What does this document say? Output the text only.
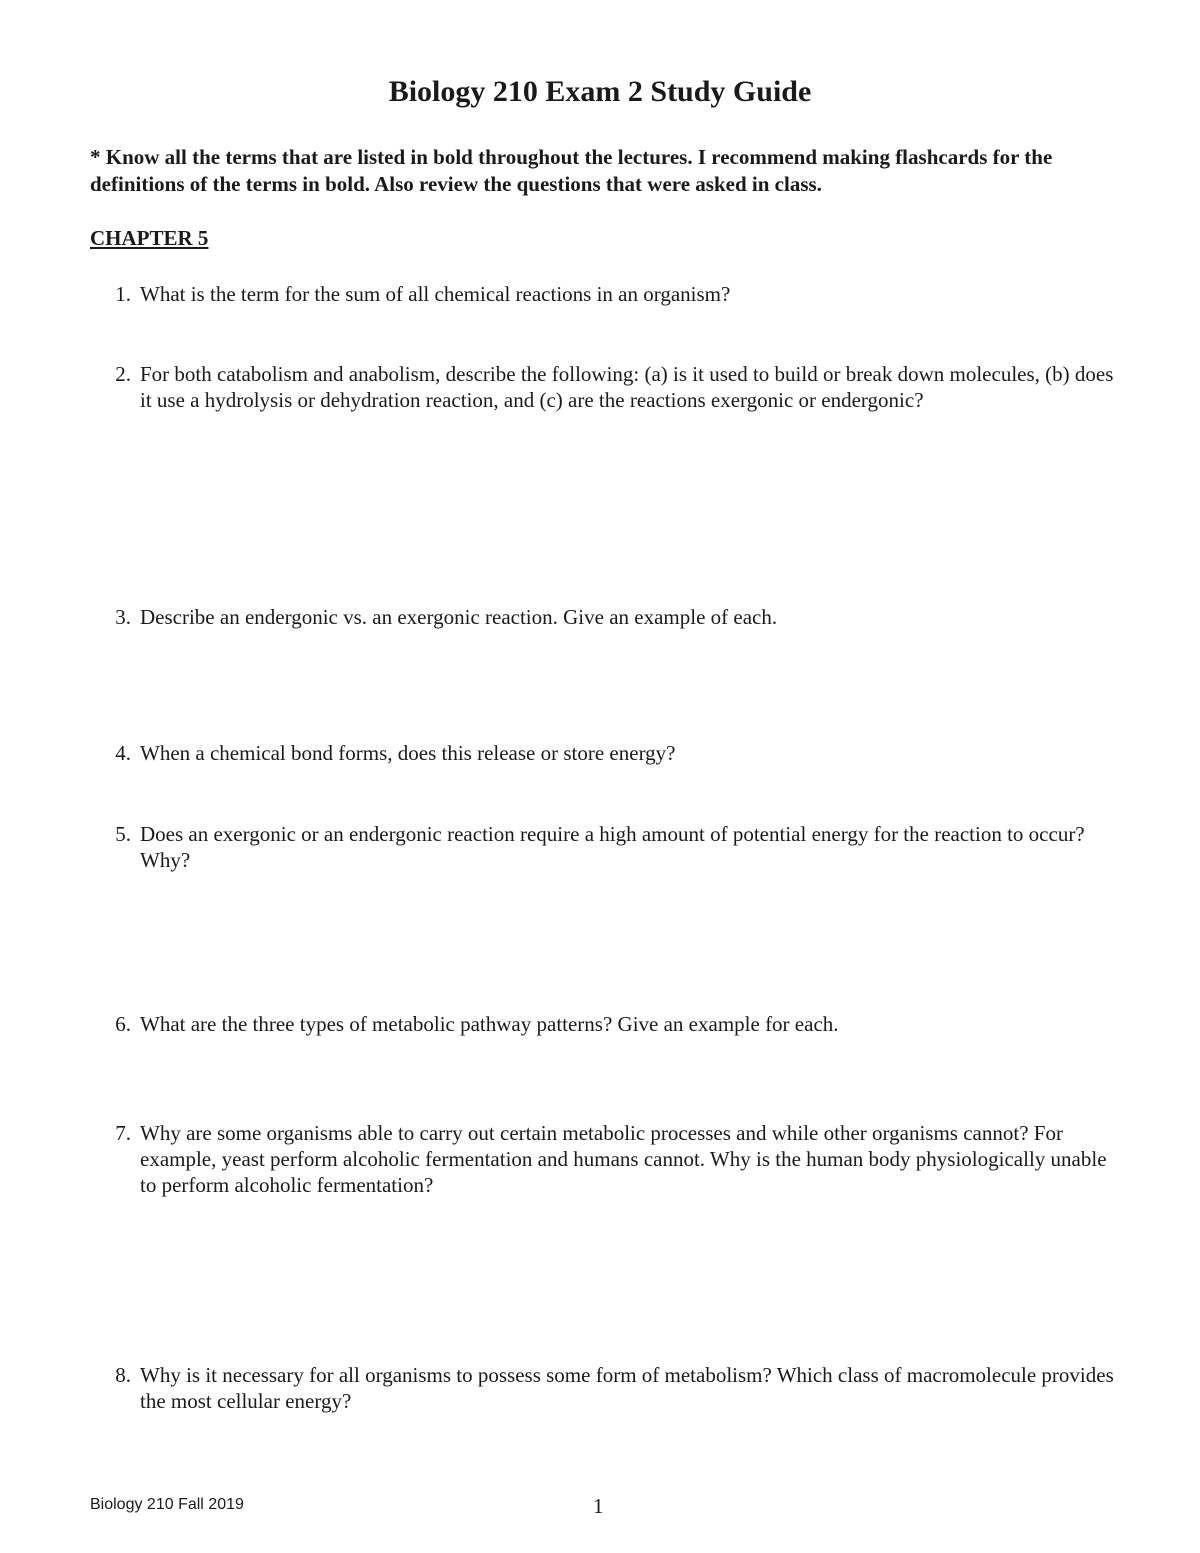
Biology 210 Exam 2 Study Guide

* Know all the terms that are listed in bold throughout the lectures. I recommend making flashcards for the definitions of the terms in bold. Also review the questions that were asked in class.

CHAPTER 5
1. What is the term for the sum of all chemical reactions in an organism?
2. For both catabolism and anabolism, describe the following: (a) is it used to build or break down molecules, (b) does it use a hydrolysis or dehydration reaction, and (c) are the reactions exergonic or endergonic?
3. Describe an endergonic vs. an exergonic reaction. Give an example of each.
4. When a chemical bond forms, does this release or store energy?
5. Does an exergonic or an endergonic reaction require a high amount of potential energy for the reaction to occur? Why?
6. What are the three types of metabolic pathway patterns? Give an example for each.
7. Why are some organisms able to carry out certain metabolic processes and while other organisms cannot? For example, yeast perform alcoholic fermentation and humans cannot. Why is the human body physiologically unable to perform alcoholic fermentation?
8. Why is it necessary for all organisms to possess some form of metabolism? Which class of macromolecule provides the most cellular energy?
Biology 210 Fall 2019	1
